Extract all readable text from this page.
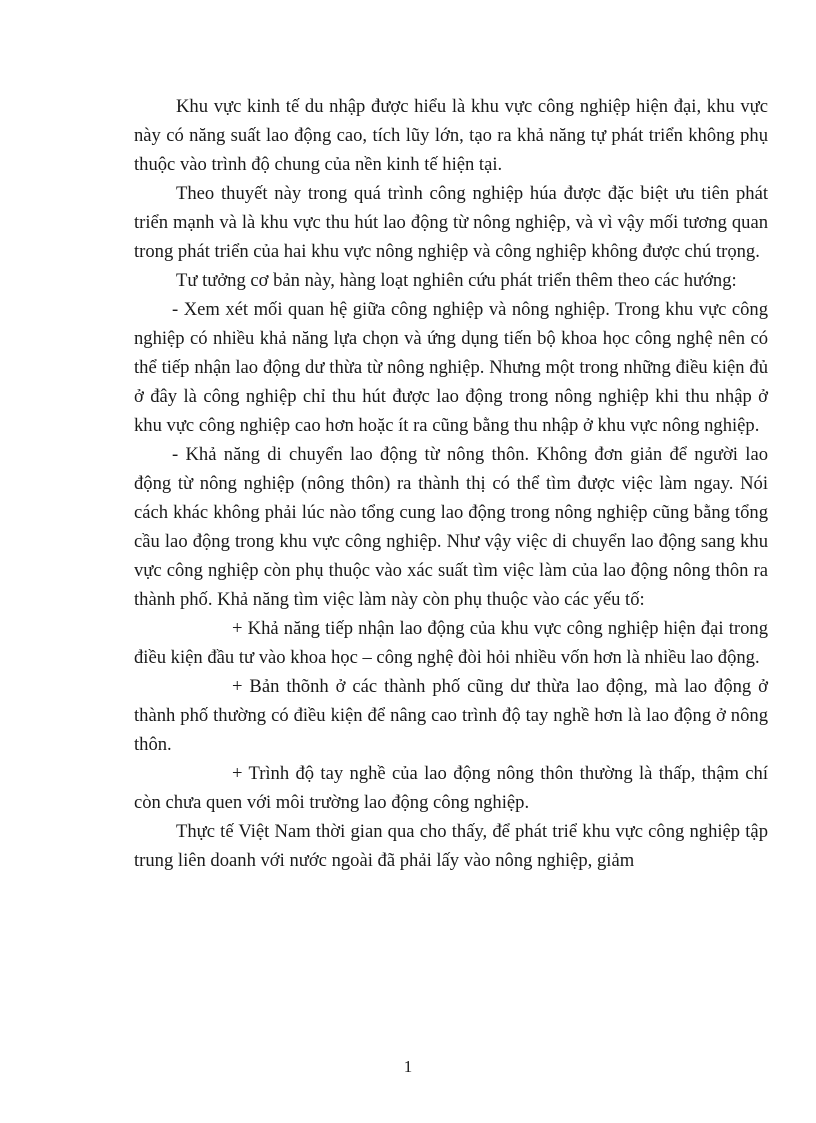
Khu vực kinh tế du nhập được hiểu là khu vực công nghiệp hiện đại, khu vực này có năng suất lao động cao, tích lũy lớn, tạo ra khả năng tự phát triển không phụ thuộc vào trình độ chung của nền kinh tế hiện tại.

Theo thuyết này trong quá trình công nghiệp húa được đặc biệt ưu tiên phát triển mạnh và là khu vực thu hút lao động từ nông nghiệp, và vì vậy mối tương quan trong phát triển của hai khu vực nông nghiệp và công nghiệp không được chú trọng.

Tư tưởng cơ bản này, hàng loạt nghiên cứu phát triển thêm theo các hướng:

- Xem xét mối quan hệ giữa công nghiệp và nông nghiệp. Trong khu vực công nghiệp có nhiều khả năng lựa chọn và ứng dụng tiến bộ khoa học công nghệ nên có thể tiếp nhận lao động dư thừa từ nông nghiệp. Nhưng một trong những điều kiện đủ ở đây là công nghiệp chỉ thu hút được lao động trong nông nghiệp khi thu nhập ở khu vực công nghiệp cao hơn hoặc ít ra cũng bằng thu nhập ở khu vực nông nghiệp.

- Khả năng di chuyển lao động từ nông thôn. Không đơn giản để người lao động từ nông nghiệp (nông thôn) ra thành thị có thể tìm được việc làm ngay. Nói cách khác không phải lúc nào tổng cung lao động trong nông nghiệp cũng bằng tổng cầu lao động trong khu vực công nghiệp. Như vậy việc di chuyển lao động sang khu vực công nghiệp còn phụ thuộc vào xác suất tìm việc làm của lao động nông thôn ra thành phố. Khả năng tìm việc làm này còn phụ thuộc vào các yếu tố:

+ Khả năng tiếp nhận lao động của khu vực công nghiệp hiện đại trong điều kiện đầu tư vào khoa học – công nghệ đòi hỏi nhiều vốn hơn là nhiều lao động.

+ Bản thõnh ở các thành phố cũng dư thừa lao động, mà lao động ở thành phố thường có điều kiện để nâng cao trình độ tay nghề hơn là lao động ở nông thôn.

+ Trình độ tay nghề của lao động nông thôn thường là thấp, thậm chí còn chưa quen với môi trường lao động công nghiệp.

Thực tế Việt Nam thời gian qua cho thấy, để phát triể khu vực công nghiệp tập trung liên doanh với nước ngoài đã phải lấy vào nông nghiệp, giảm

1
